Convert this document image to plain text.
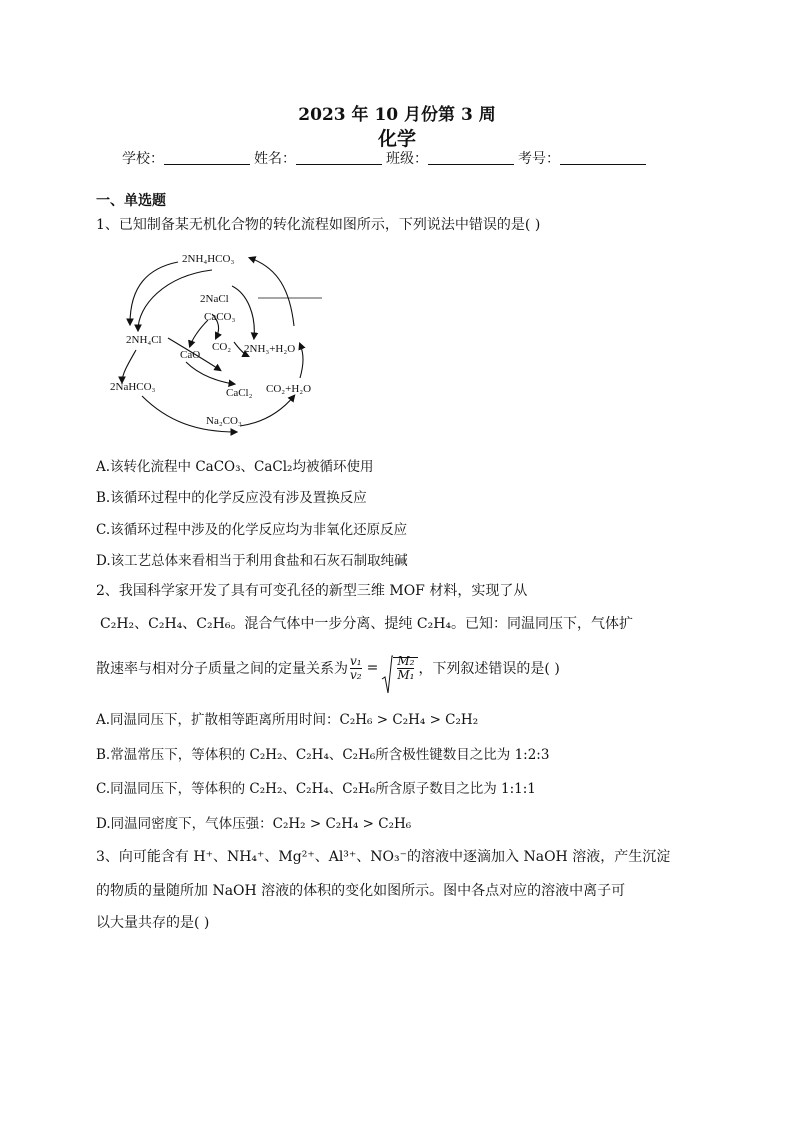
2023 年 10 月份第 3 周
化学
学校：	姓名：	班级：	考号：
一、单选题
1、已知制备某无机化合物的转化流程如图所示，下列说法中错误的是( )
2NH₄HCO₃
2NaCl
CaCO₃
2NH₄Cl
CO₂ 2NH₃+H₂O
CaO
2NaHCO₃	CaCl₂ CO₂+H₂O
Na₂CO₃
A.该转化流程中 CaCO₃、CaCl₂均被循环使用
B.该循环过程中的化学反应没有涉及置换反应
C.该循环过程中涉及的化学反应均为非氧化还原反应
D.该工艺总体来看相当于利用食盐和石灰石制取纯碱
2、我国科学家开发了具有可变孔径的新型三维 MOF 材料，实现了从
C₂H₂、C₂H₄、C₂H₆。混合气体中一步分离、提纯 C₂H₄。已知：同温同压下，气体扩
散速率与相对分子质量之间的定量关系为 $\frac{\text{v₁}}{\text{v₂}} = \frac{\text{M₂}}{\text{M₁}}$ ，下列叙述错误的是( )
A.同温同压下，扩散相等距离所用时间：C₂H₆ > C₂H₄ > C₂H₂
B.常温常压下，等体积的 C₂H₂、C₂H₄、C₂H₆所含极性键数目之比为 1:2:3
C.同温同压下，等体积的 C₂H₂、C₂H₄、C₂H₆所含原子数目之比为 1:1:1
D.同温同密度下，气体压强：C₂H₂ > C₂H₄ > C₂H₆
3、向可能含有 H⁺、NH₄⁺、Mg²⁺、Al³⁺、NO₃⁻的溶液中逐滴加入 NaOH 溶液，产生沉淀
的物质的量随所加 NaOH 溶液的体积的变化如图所示。图中各点对应的溶液中离子可
以大量共存的是( )
